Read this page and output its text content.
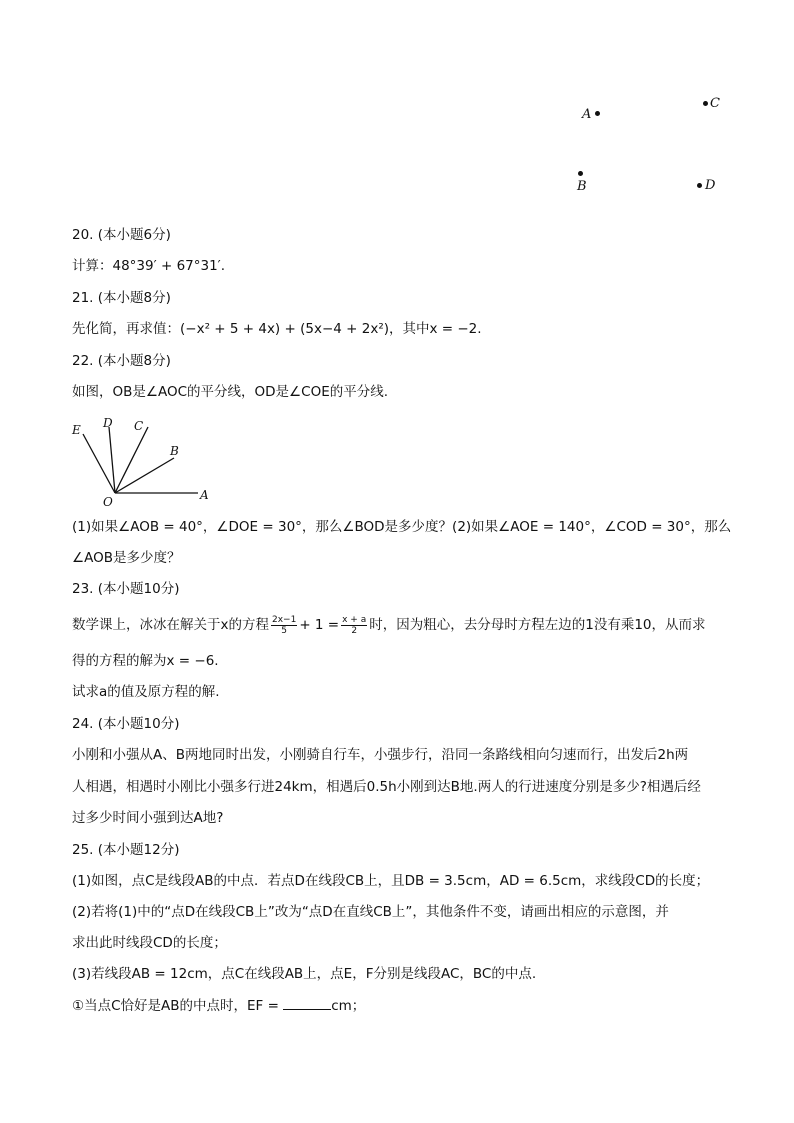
A
C
B	D
20. (本小题6分)
计算：48°39′ + 67°31′.
21. (本小题8分)
先化简，再求值：(−x² + 5 + 4x) + (5x−4 + 2x²)，其中x = −2.
22. (本小题8分)
如图，OB是∠AOC的平分线，OD是∠COE的平分线.
O	A
B
C
D
E
(1)如果∠AOB = 40°，∠DOE = 30°，那么∠BOD是多少度？(2)如果∠AOE = 140°，∠COD = 30°，那么
∠AOB是多少度？
23. (本小题10分)
数学课上，冰冰在解关于x的方程 $\frac{2x-1}{5} + 1 = \frac{x + a}{2}$ 时，因为粗心，去分母时方程左边的1没有乘10，从而求
得的方程的解为x = −6.
试求a的值及原方程的解.
24. (本小题10分)
小刚和小强从A、B两地同时出发，小刚骑自行车，小强步行，沿同一条路线相向匀速而行，出发后2h两
人相遇，相遇时小刚比小强多行进24km，相遇后0.5h小刚到达B地.两人的行进速度分别是多少?相遇后经
过多少时间小强到达A地?
25. (本小题12分)
(1)如图，点C是线段AB的中点．若点D在线段CB上，且DB = 3.5cm，AD = 6.5cm，求线段CD的长度；
(2)若将(1)中的“点D在线段CB上”改为“点D在直线CB上”，其他条件不变，请画出相应的示意图，并
求出此时线段CD的长度；
(3)若线段AB = 12cm，点C在线段AB上，点E，F分别是线段AC，BC的中点.
①当点C恰好是AB的中点时，EF =	cm；
